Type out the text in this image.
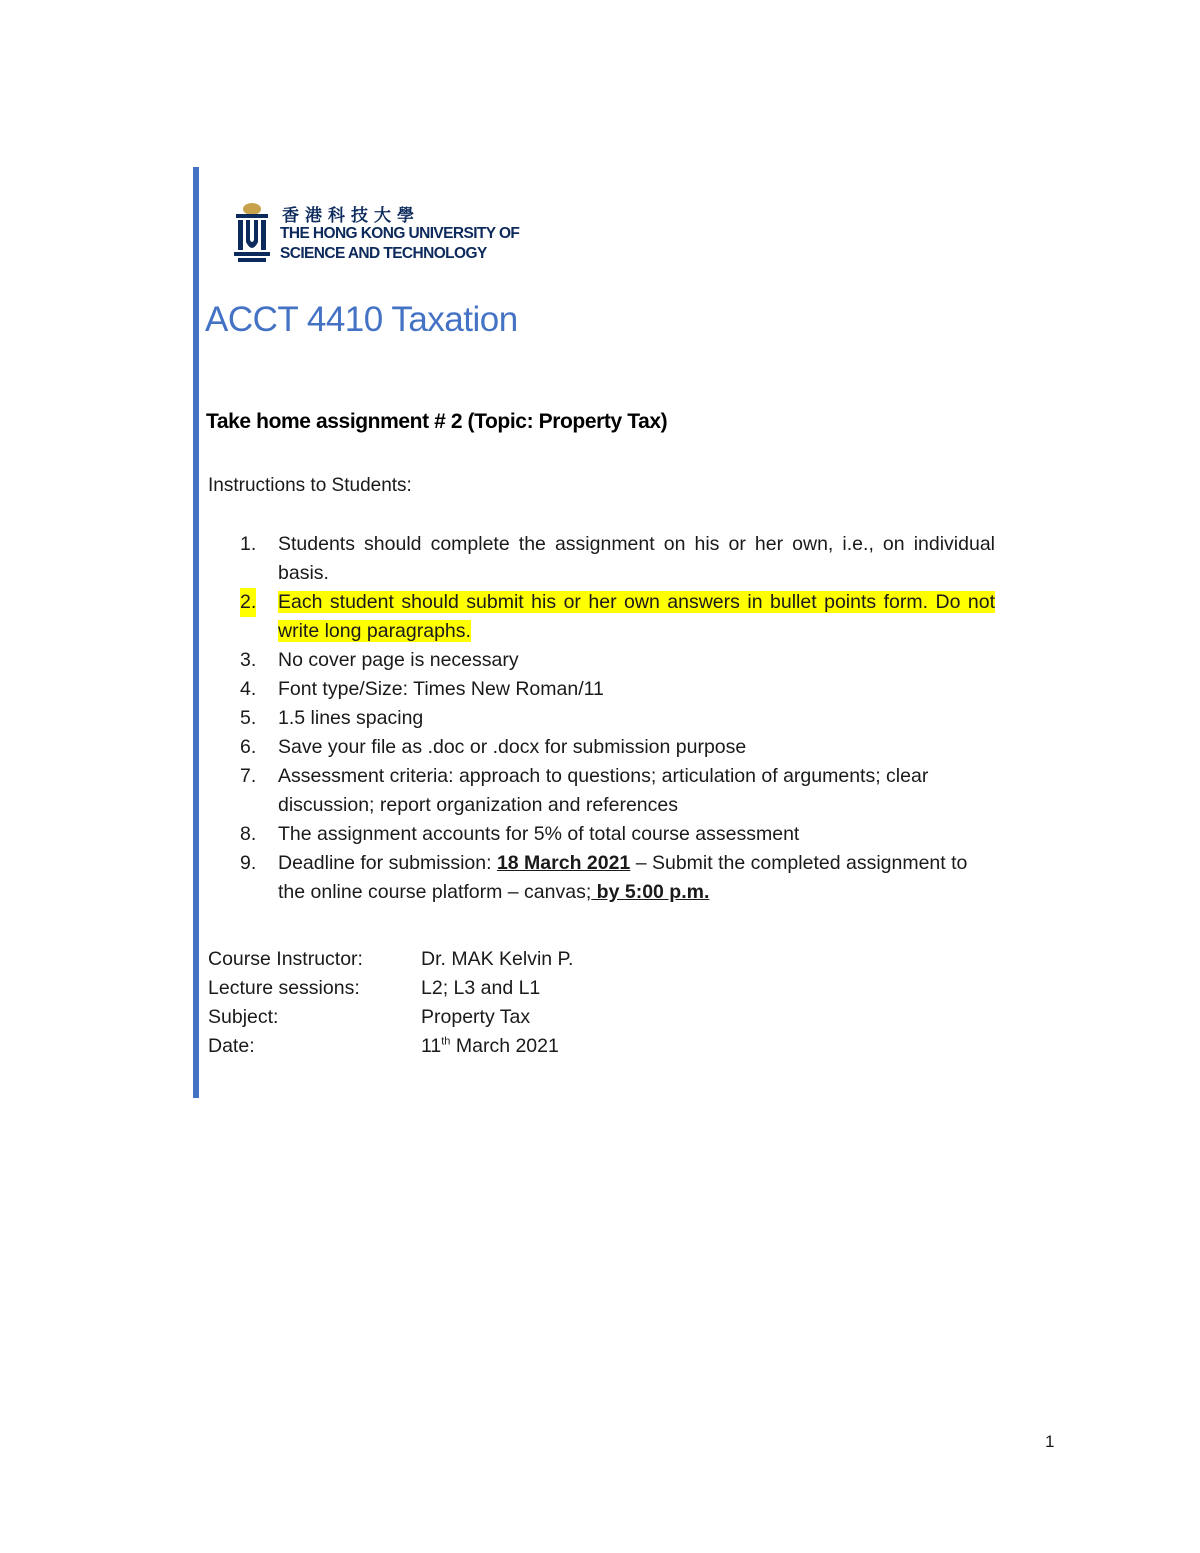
香港科技大學
THE HONG KONG UNIVERSITY OF
SCIENCE AND TECHNOLOGY
ACCT 4410 Taxation
Take home assignment # 2 (Topic: Property Tax)
Instructions to Students:
1. Students should complete the assignment on his or her own, i.e., on individual basis.
2. Each student should submit his or her own answers in bullet points form. Do not write long paragraphs.
3. No cover page is necessary
4. Font type/Size: Times New Roman/11
5. 1.5 lines spacing
6. Save your file as .doc or .docx for submission purpose
7. Assessment criteria: approach to questions; articulation of arguments; clear discussion; report organization and references
8. The assignment accounts for 5% of total course assessment
9. Deadline for submission: 18 March 2021 – Submit the completed assignment to the online course platform – canvas; by 5:00 p.m.
Course Instructor:	Dr. MAK Kelvin P.
Lecture sessions:	L2; L3 and L1
Subject:	Property Tax
Date:	11th March 2021
1
